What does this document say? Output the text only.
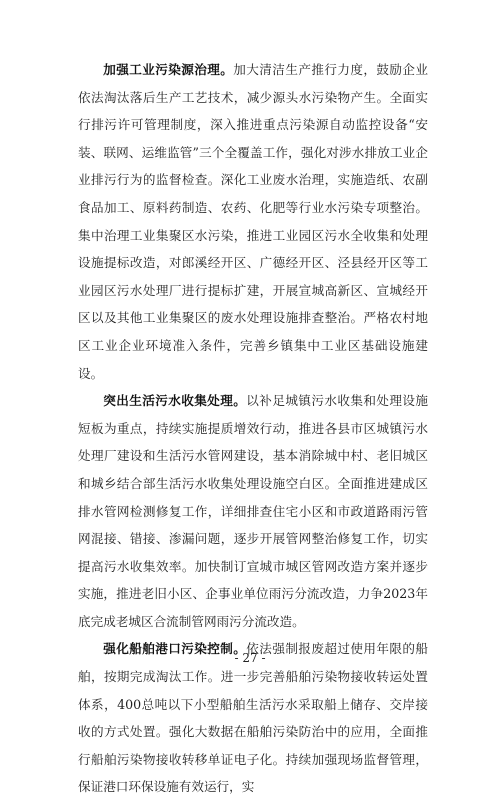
加强工业污染源治理。加大清洁生产推行力度，鼓励企业依法淘汰落后生产工艺技术，减少源头水污染物产生。全面实行排污许可管理制度，深入推进重点污染源自动监控设备“安装、联网、运维监管”三个全覆盖工作，强化对涉水排放工业企业排污行为的监督检查。深化工业废水治理，实施造纸、农副食品加工、原料药制造、农药、化肥等行业水污染专项整治。集中治理工业集聚区水污染，推进工业园区污水全收集和处理设施提标改造，对郎溪经开区、广德经开区、泾县经开区等工业园区污水处理厂进行提标扩建，开展宣城高新区、宣城经开区以及其他工业集聚区的废水处理设施排查整治。严格农村地区工业企业环境准入条件，完善乡镇集中工业区基础设施建设。

突出生活污水收集处理。以补足城镇污水收集和处理设施短板为重点，持续实施提质增效行动，推进各县市区城镇污水处理厂建设和生活污水管网建设，基本消除城中村、老旧城区和城乡结合部生活污水收集处理设施空白区。全面推进建成区排水管网检测修复工作，详细排查住宅小区和市政道路雨污管网混接、错接、渗漏问题，逐步开展管网整治修复工作，切实提高污水收集效率。加快制订宣城市城区管网改造方案并逐步实施，推进老旧小区、企事业单位雨污分流改造，力争2023年底完成老城区合流制管网雨污分流改造。

强化船舶港口污染控制。依法强制报废超过使用年限的船舶，按期完成淘汰工作。进一步完善船舶污染物接收转运处置体系，400总吨以下小型船舶生活污水采取船上储存、交岸接收的方式处置。强化大数据在船舶污染防治中的应用，全面推行船舶污染物接收转移单证电子化。持续加强现场监督管理，保证港口环保设施有效运行，实

- 27 -
